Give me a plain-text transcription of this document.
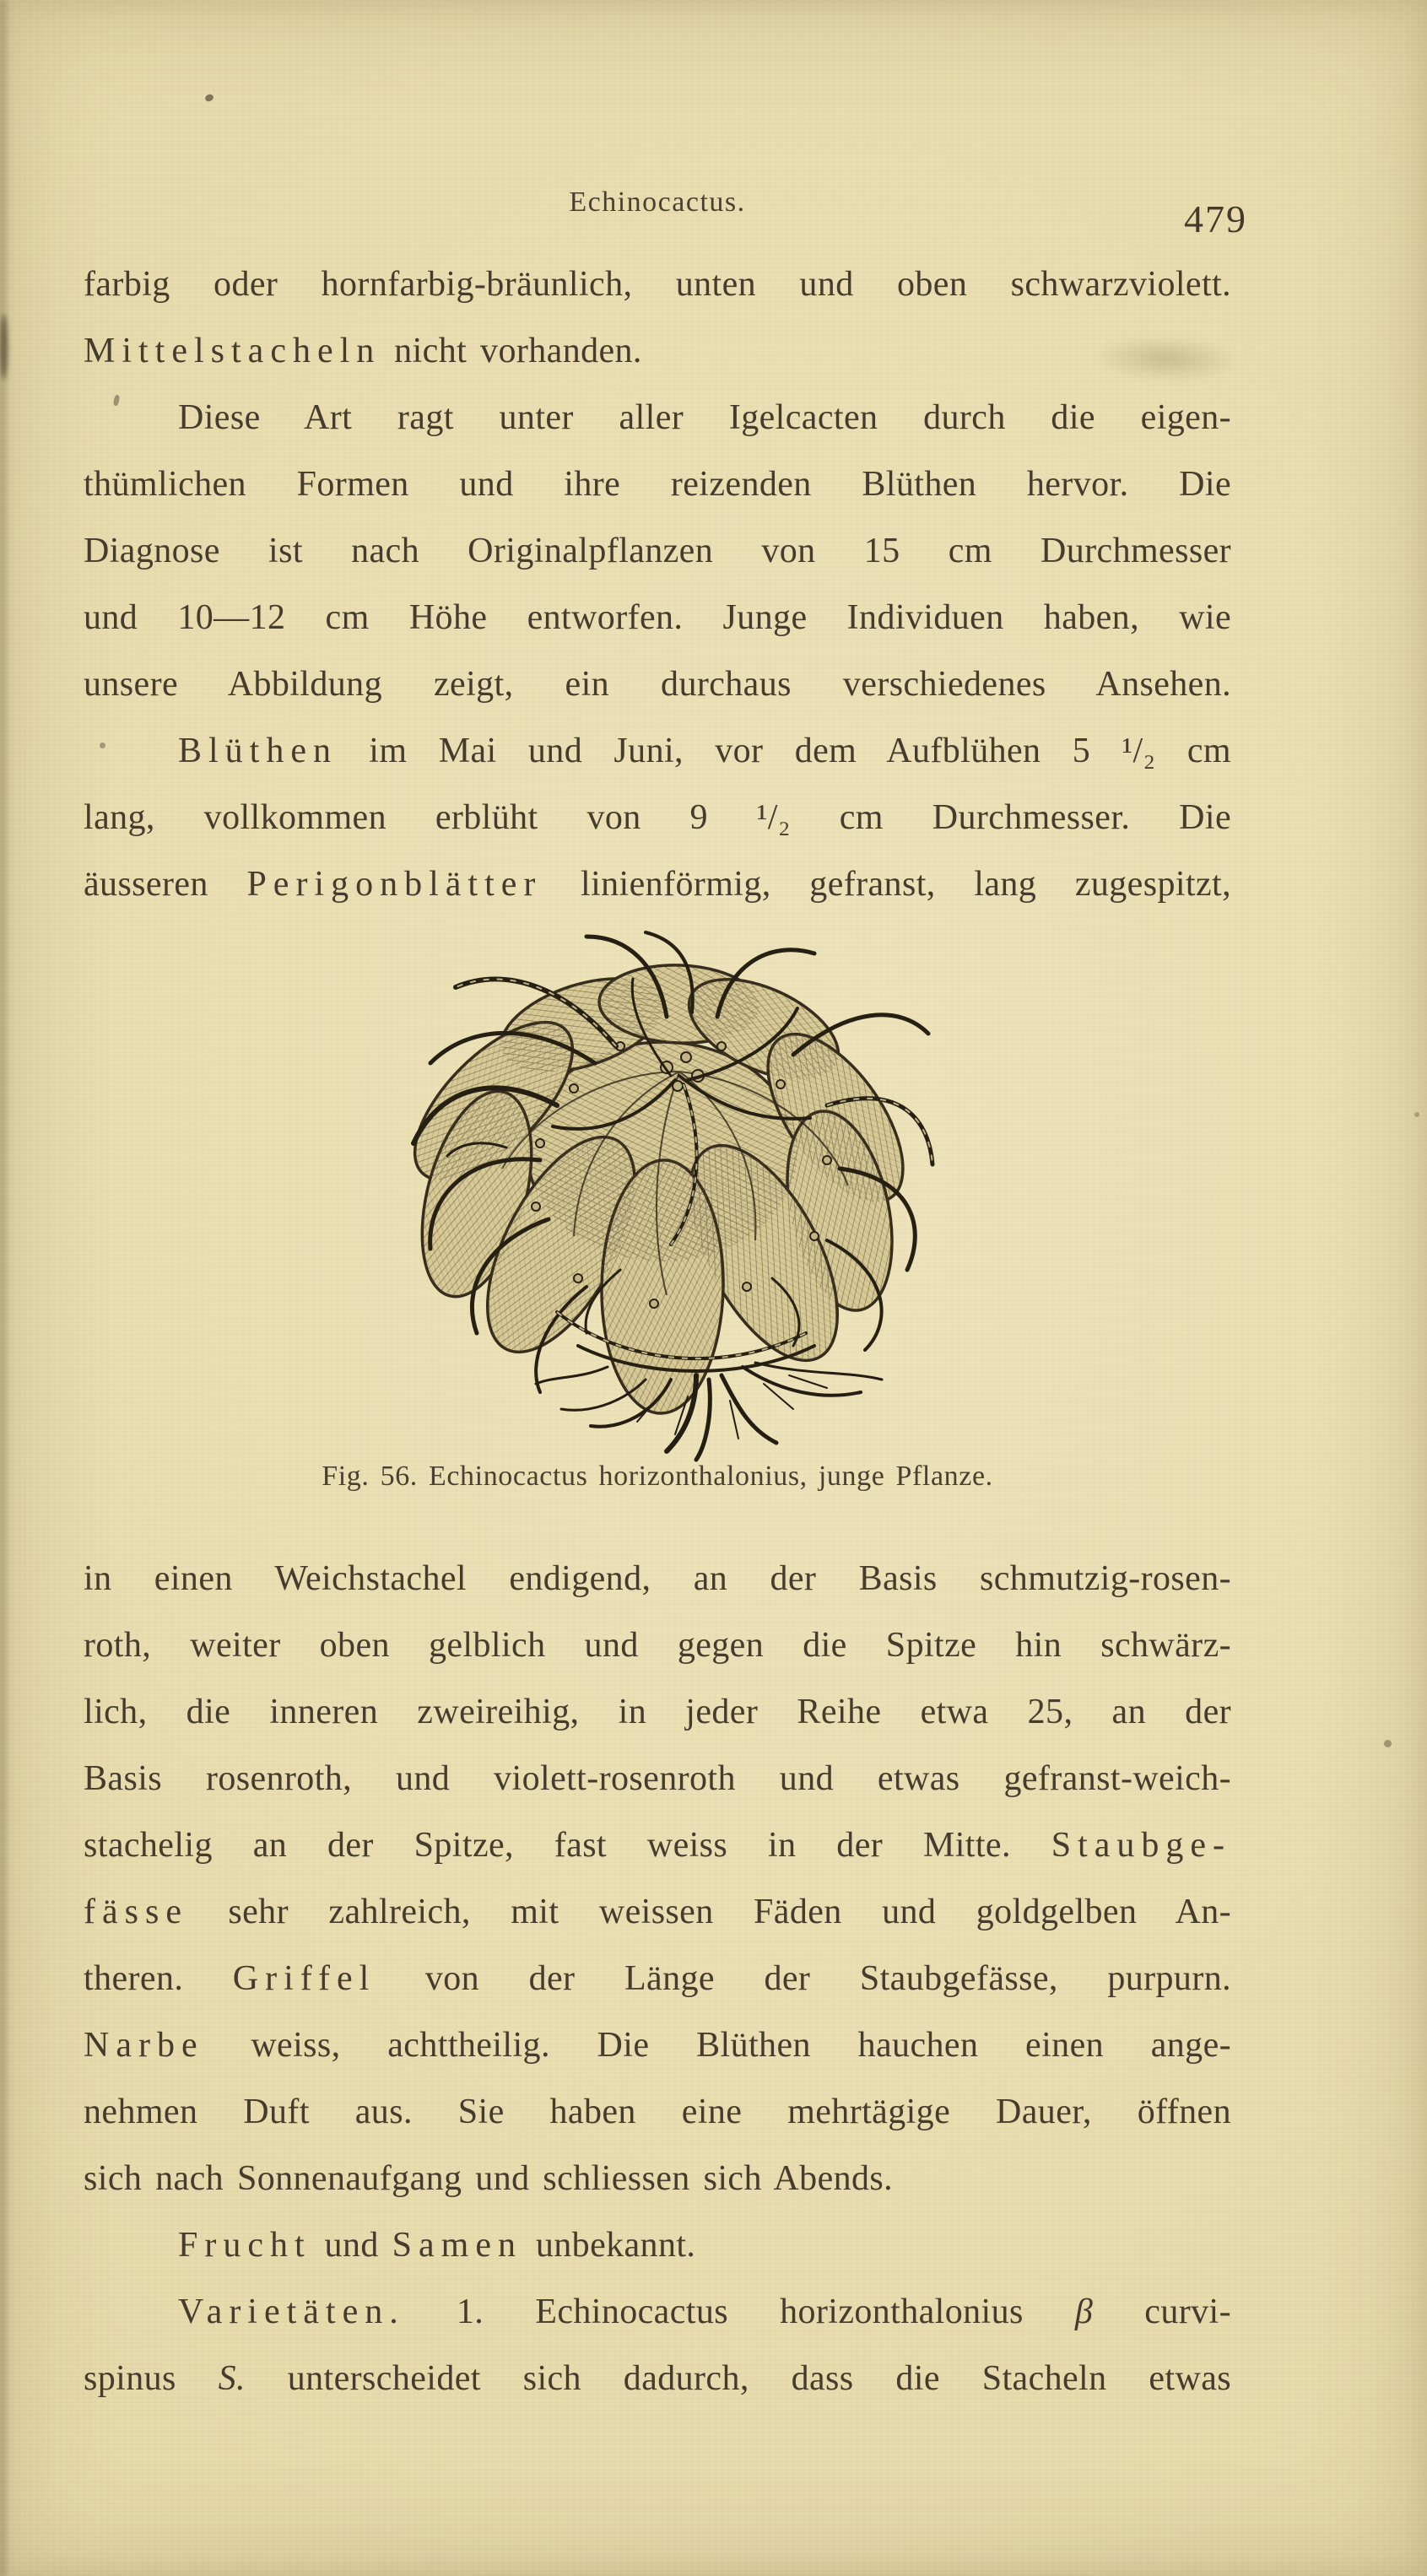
Echinocactus.	479
farbig oder hornfarbig-bräunlich, unten und oben schwarzviolett.
Mittelstacheln nicht vorhanden.
Diese Art ragt unter aller Igelcacten durch die eigen-
thümlichen Formen und ihre reizenden Blüthen hervor. Die
Diagnose ist nach Originalpflanzen von 15 cm Durchmesser
und 10—12 cm Höhe entworfen. Junge Individuen haben, wie
unsere Abbildung zeigt, ein durchaus verschiedenes Ansehen.
Blüthen im Mai und Juni, vor dem Aufblühen 5 ¹/₂ cm
lang, vollkommen erblüht von 9 ¹/₂ cm Durchmesser. Die
äusseren Perigonblätter linienförmig, gefranst, lang zugespitzt,
Fig. 56. Echinocactus horizonthalonius, junge Pflanze.
in einen Weichstachel endigend, an der Basis schmutzig-rosen-
roth, weiter oben gelblich und gegen die Spitze hin schwärz-
lich, die inneren zweireihig, in jeder Reihe etwa 25, an der
Basis rosenroth, und violett-rosenroth und etwas gefranst-weich-
stachelig an der Spitze, fast weiss in der Mitte. Staubge-
fässe sehr zahlreich, mit weissen Fäden und goldgelben An-
theren. Griffel von der Länge der Staubgefässe, purpurn.
Narbe weiss, achttheilig. Die Blüthen hauchen einen ange-
nehmen Duft aus. Sie haben eine mehrtägige Dauer, öffnen
sich nach Sonnenaufgang und schliessen sich Abends.
Frucht und Samen unbekannt.
Varietäten. 1. Echinocactus horizonthalonius β curvi-
spinus S. unterscheidet sich dadurch, dass die Stacheln etwas
